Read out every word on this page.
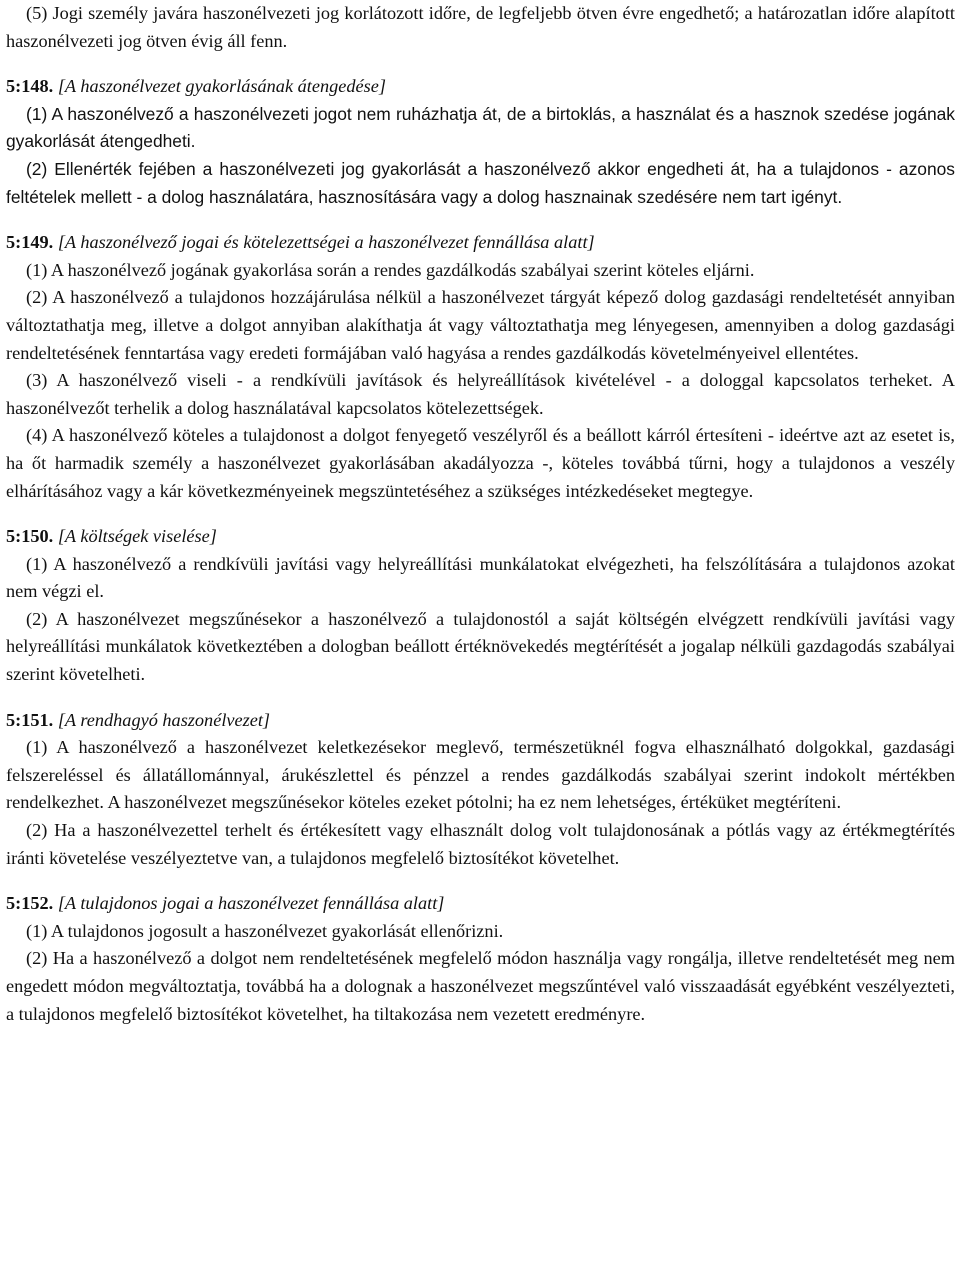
(5) Jogi személy javára haszonélvezeti jog korlátozott időre, de legfeljebb ötven évre engedhető; a határozatlan időre alapított haszonélvezeti jog ötven évig áll fenn.

5:148. [A haszonélvezet gyakorlásának átengedése]

(1) A haszonélvező a haszonélvezeti jogot nem ruházhatja át, de a birtoklás, a használat és a hasznok szedése jogának gyakorlását átengedheti.

(2) Ellenérték fejében a haszonélvezeti jog gyakorlását a haszonélvező akkor engedheti át, ha a tulajdonos - azonos feltételek mellett - a dolog használatára, hasznosítására vagy a dolog hasznainak szedésére nem tart igényt.

5:149. [A haszonélvező jogai és kötelezettségei a haszonélvezet fennállása alatt]

(1) A haszonélvező jogának gyakorlása során a rendes gazdálkodás szabályai szerint köteles eljárni.

(2) A haszonélvező a tulajdonos hozzájárulása nélkül a haszonélvezet tárgyát képező dolog gazdasági rendeltetését annyiban változtathatja meg, illetve a dolgot annyiban alakíthatja át vagy változtathatja meg lényegesen, amennyiben a dolog gazdasági rendeltetésének fenntartása vagy eredeti formájában való hagyása a rendes gazdálkodás követelményeivel ellentétes.

(3) A haszonélvező viseli - a rendkívüli javítások és helyreállítások kivételével - a dologgal kapcsolatos terheket. A haszonélvezőt terhelik a dolog használatával kapcsolatos kötelezettségek.

(4) A haszonélvező köteles a tulajdonost a dolgot fenyegető veszélyről és a beállott kárról értesíteni - ideértve azt az esetet is, ha őt harmadik személy a haszonélvezet gyakorlásában akadályozza -, köteles továbbá tűrni, hogy a tulajdonos a veszély elhárításához vagy a kár következményeinek megszüntetéséhez a szükséges intézkedéseket megtegye.

5:150. [A költségek viselése]

(1) A haszonélvező a rendkívüli javítási vagy helyreállítási munkálatokat elvégezheti, ha felszólítására a tulajdonos azokat nem végzi el.

(2) A haszonélvezet megszűnésekor a haszonélvező a tulajdonostól a saját költségén elvégzett rendkívüli javítási vagy helyreállítási munkálatok következtében a dologban beállott értéknövekedés megtérítését a jogalap nélküli gazdagodás szabályai szerint követelheti.

5:151. [A rendhagyó haszonélvezet]

(1) A haszonélvező a haszonélvezet keletkezésekor meglevő, természetüknél fogva elhasználható dolgokkal, gazdasági felszereléssel és állatállománnyal, árukészlettel és pénzzel a rendes gazdálkodás szabályai szerint indokolt mértékben rendelkezhet. A haszonélvezet megszűnésekor köteles ezeket pótolni; ha ez nem lehetséges, értéküket megtéríteni.

(2) Ha a haszonélvezettel terhelt és értékesített vagy elhasznált dolog volt tulajdonosának a pótlás vagy az értékmegtérítés iránti követelése veszélyeztetve van, a tulajdonos megfelelő biztosítékot követelhet.

5:152. [A tulajdonos jogai a haszonélvezet fennállása alatt]

(1) A tulajdonos jogosult a haszonélvezet gyakorlását ellenőrizni.

(2) Ha a haszonélvező a dolgot nem rendeltetésének megfelelő módon használja vagy rongálja, illetve rendeltetését meg nem engedett módon megváltoztatja, továbbá ha a dolognak a haszonélvezet megszűntével való visszaadását egyébként veszélyezteti, a tulajdonos megfelelő biztosítékot követelhet, ha tiltakozása nem vezetett eredményre.
